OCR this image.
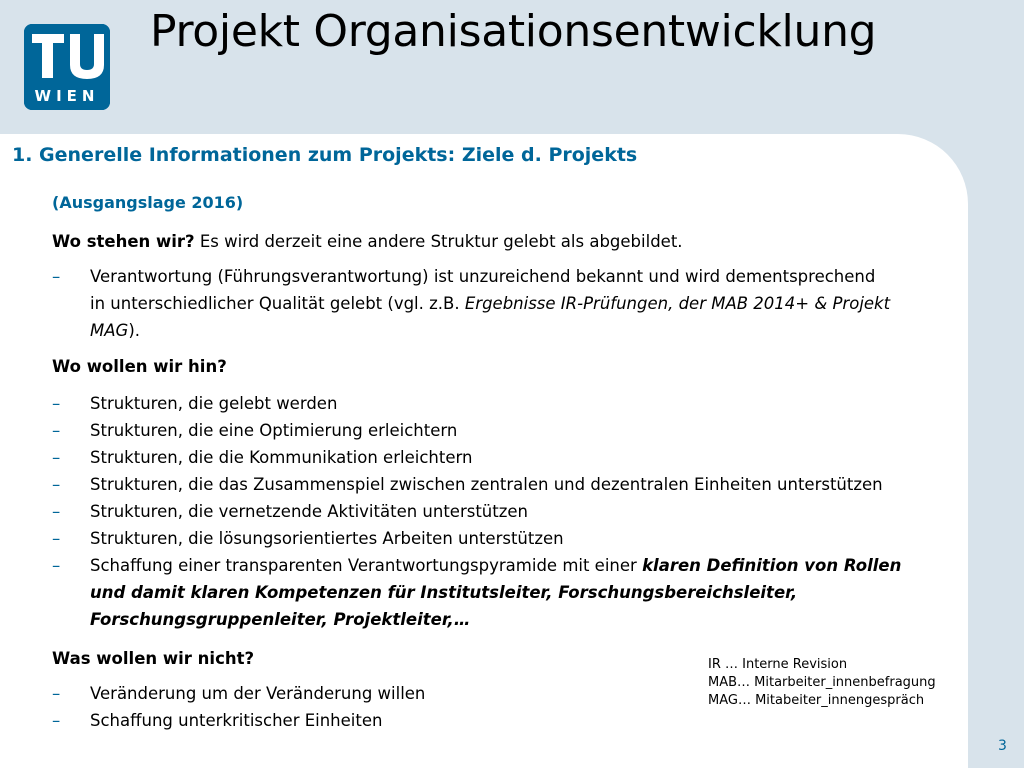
WIEN
Projekt Organisationsentwicklung
1. Generelle Informationen zum Projekts: Ziele d. Projekts
(Ausgangslage 2016)
Wo stehen wir? Es wird derzeit eine andere Struktur gelebt als abgebildet.
– Verantwortung (Führungsverantwortung) ist unzureichend bekannt und wird dementsprechend
in unterschiedlicher Qualität gelebt (vgl. z.B. Ergebnisse IR-Prüfungen, der MAB 2014+ & Projekt
MAG).
Wo wollen wir hin?
– Strukturen, die gelebt werden
– Strukturen, die eine Optimierung erleichtern
– Strukturen, die die Kommunikation erleichtern
– Strukturen, die das Zusammenspiel zwischen zentralen und dezentralen Einheiten unterstützen
– Strukturen, die vernetzende Aktivitäten unterstützen
– Strukturen, die lösungsorientiertes Arbeiten unterstützen
– Schaffung einer transparenten Verantwortungspyramide mit einer klaren Definition von Rollen
und damit klaren Kompetenzen für Institutsleiter, Forschungsbereichsleiter,
Forschungsgruppenleiter, Projektleiter,…
Was wollen wir nicht?
– Veränderung um der Veränderung willen
– Schaffung unterkritischer Einheiten
IR … Interne Revision
MAB… Mitarbeiter_innenbefragung
MAG… Mitabeiter_innengespräch
3
